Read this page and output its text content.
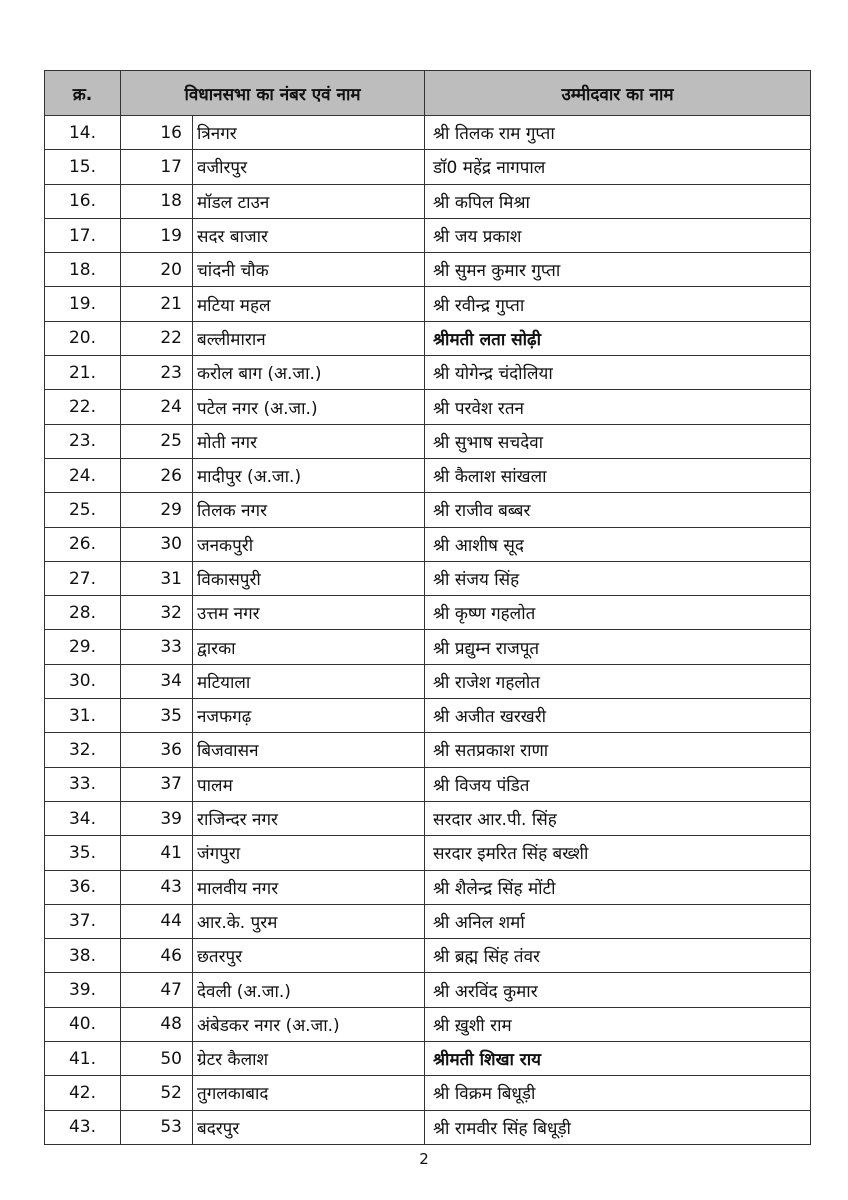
क्र.	विधानसभा का नंबर एवं नाम		उम्मीदवार का नाम
14.	16	त्रिनगर	श्री तिलक राम गुप्ता
15.	17	वजीरपुर	डॉ0 महेंद्र नागपाल
16.	18	मॉडल टाउन	श्री कपिल मिश्रा
17.	19	सदर बाजार	श्री जय प्रकाश
18.	20	चांदनी चौक	श्री सुमन कुमार गुप्ता
19.	21	मटिया महल	श्री रवीन्द्र गुप्ता
20.	22	बल्लीमारान	श्रीमती लता सोढ़ी
21.	23	करोल बाग (अ.जा.)	श्री योगेन्द्र चंदोलिया
22.	24	पटेल नगर (अ.जा.)	श्री परवेश रतन
23.	25	मोती नगर	श्री सुभाष सचदेवा
24.	26	मादीपुर (अ.जा.)	श्री कैलाश सांखला
25.	29	तिलक नगर	श्री राजीव बब्बर
26.	30	जनकपुरी	श्री आशीष सूद
27.	31	विकासपुरी	श्री संजय सिंह
28.	32	उत्तम नगर	श्री कृष्ण गहलोत
29.	33	द्वारका	श्री प्रद्युम्न राजपूत
30.	34	मटियाला	श्री राजेश गहलोत
31.	35	नजफगढ़	श्री अजीत खरखरी
32.	36	बिजवासन	श्री सतप्रकाश राणा
33.	37	पालम	श्री विजय पंडित
34.	39	राजिन्दर नगर	सरदार आर.पी. सिंह
35.	41	जंगपुरा	सरदार इमरित सिंह बख्शी
36.	43	मालवीय नगर	श्री शैलेन्द्र सिंह मोंटी
37.	44	आर.के. पुरम	श्री अनिल शर्मा
38.	46	छतरपुर	श्री ब्रह्म सिंह तंवर
39.	47	देवली (अ.जा.)	श्री अरविंद कुमार
40.	48	अंबेडकर नगर (अ.जा.)	श्री ख़ुशी राम
41.	50	ग्रेटर कैलाश	श्रीमती शिखा राय
42.	52	तुगलकाबाद	श्री विक्रम बिधूड़ी
43.	53	बदरपुर	श्री रामवीर सिंह बिधूड़ी
2
